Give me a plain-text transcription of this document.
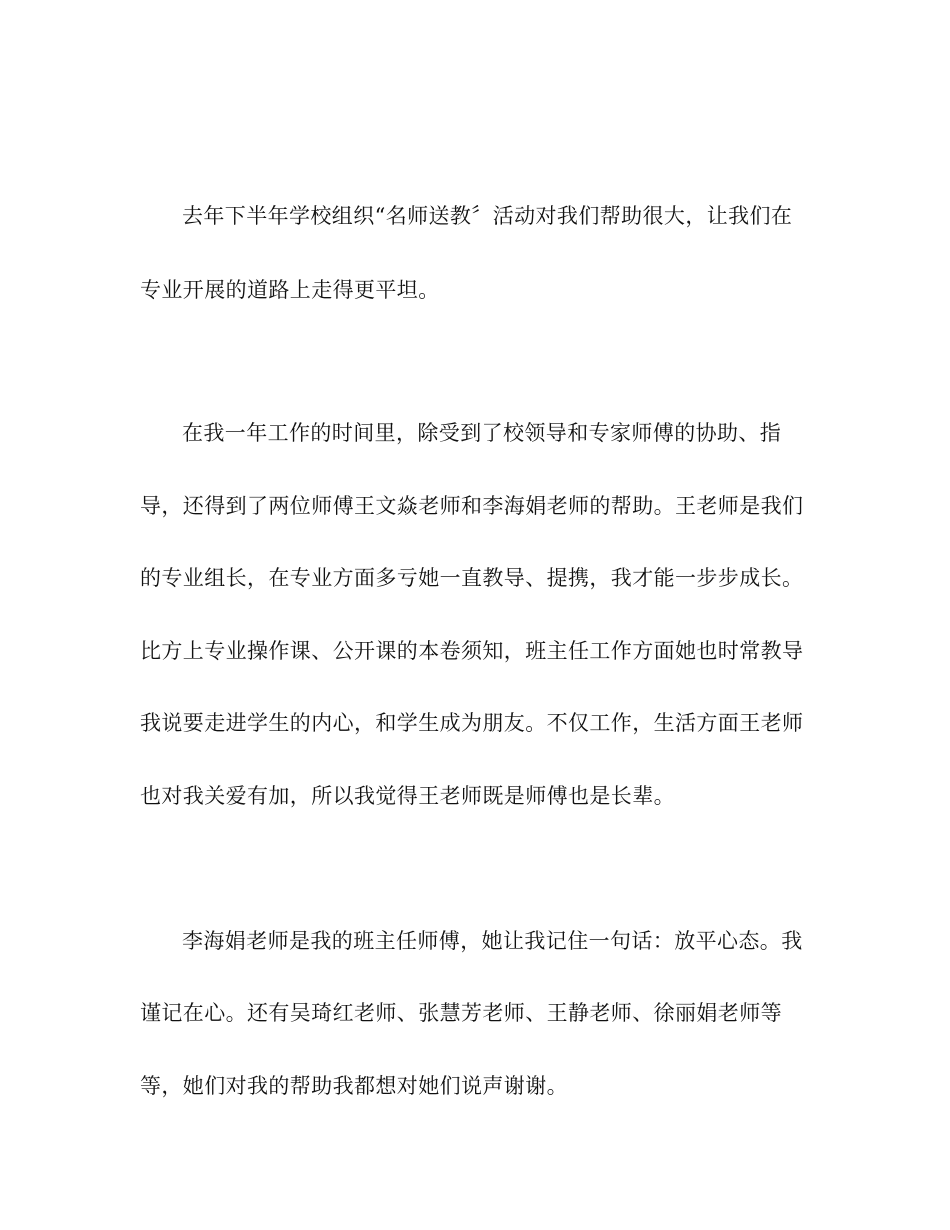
去年下半年学校组织“名师送教〞活动对我们帮助很大，让我们在
专业开展的道路上走得更平坦。
在我一年工作的时间里，除受到了校领导和专家师傅的协助、指
导，还得到了两位师傅王文焱老师和李海娟老师的帮助。王老师是我们
的专业组长，在专业方面多亏她一直教导、提携，我才能一步步成长。
比方上专业操作课、公开课的本卷须知，班主任工作方面她也时常教导
我说要走进学生的内心，和学生成为朋友。不仅工作，生活方面王老师
也对我关爱有加，所以我觉得王老师既是师傅也是长辈。
李海娟老师是我的班主任师傅，她让我记住一句话：放平心态。我
谨记在心。还有吴琦红老师、张慧芳老师、王静老师、徐丽娟老师等
等，她们对我的帮助我都想对她们说声谢谢。
